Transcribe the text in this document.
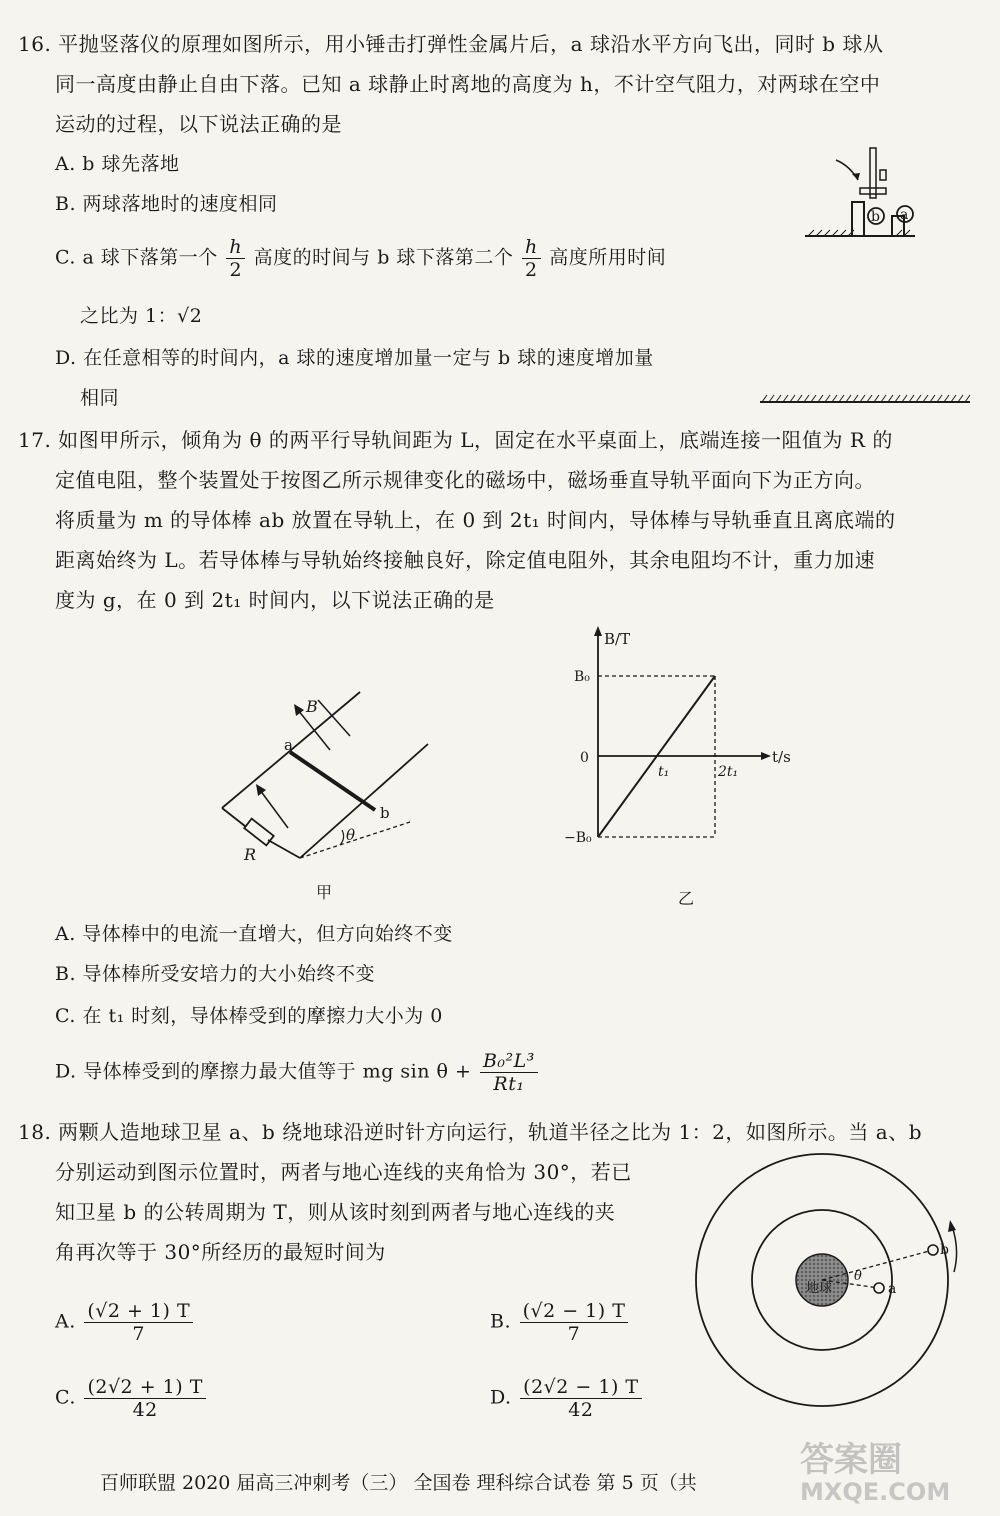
16. 平抛竖落仪的原理如图所示，用小锤击打弹性金属片后，a 球沿水平方向飞出，同时 b 球从
同一高度由静止自由下落。已知 a 球静止时离地的高度为 h，不计空气阻力，对两球在空中
运动的过程，以下说法正确的是
A. b 球先落地
B. 两球落地时的速度相同
C. a 球下落第一个 $\frac{h}{2}$ 高度的时间与 b 球下落第二个 $\frac{h}{2}$ 高度所用时间
之比为 1：√2
D. 在任意相等的时间内，a 球的速度增加量一定与 b 球的速度增加量
相同
b a
17. 如图甲所示，倾角为 θ 的两平行导轨间距为 L，固定在水平桌面上，底端连接一阻值为 R 的
定值电阻，整个装置处于按图乙所示规律变化的磁场中，磁场垂直导轨平面向下为正方向。
将质量为 m 的导体棒 ab 放置在导轨上，在 0 到 2t₁ 时间内，导体棒与导轨垂直且离底端的
距离始终为 L。若导体棒与导轨始终接触良好，除定值电阻外，其余电阻均不计，重力加速
度为 g，在 0 到 2t₁ 时间内，以下说法正确的是
B
a
b
R
θ
甲
B/T
t/s
B₀
0
−B₀
t₁	2t₁
乙
A. 导体棒中的电流一直增大，但方向始终不变
B. 导体棒所受安培力的大小始终不变
C. 在 t₁ 时刻，导体棒受到的摩擦力大小为 0
D. 导体棒受到的摩擦力最大值等于 mg $\sin \theta + \frac{\text{B₀²L³}}{\text{Rt₁}}$
18. 两颗人造地球卫星 a、b 绕地球沿逆时针方向运行，轨道半径之比为 1：2，如图所示。当 a、b
分别运动到图示位置时，两者与地心连线的夹角恰为 30°，若已
知卫星 b 的公转周期为 T，则从该时刻到两者与地心连线的夹
角再次等于 30°所经历的最短时间为
A. $\frac{(√2 + 1) T}{7}$	B. $\frac{(√2 - 1) T}{7}$
C. $\frac{(2√2 + 1) T}{42}$	D. $\frac{(2√2 - 1) T}{42}$
地球	a
b
θ
百师联盟 2020 届高三冲刺考（三） 全国卷 理科综合试卷 第 5 页（共
答案圈
MXQE.COM
